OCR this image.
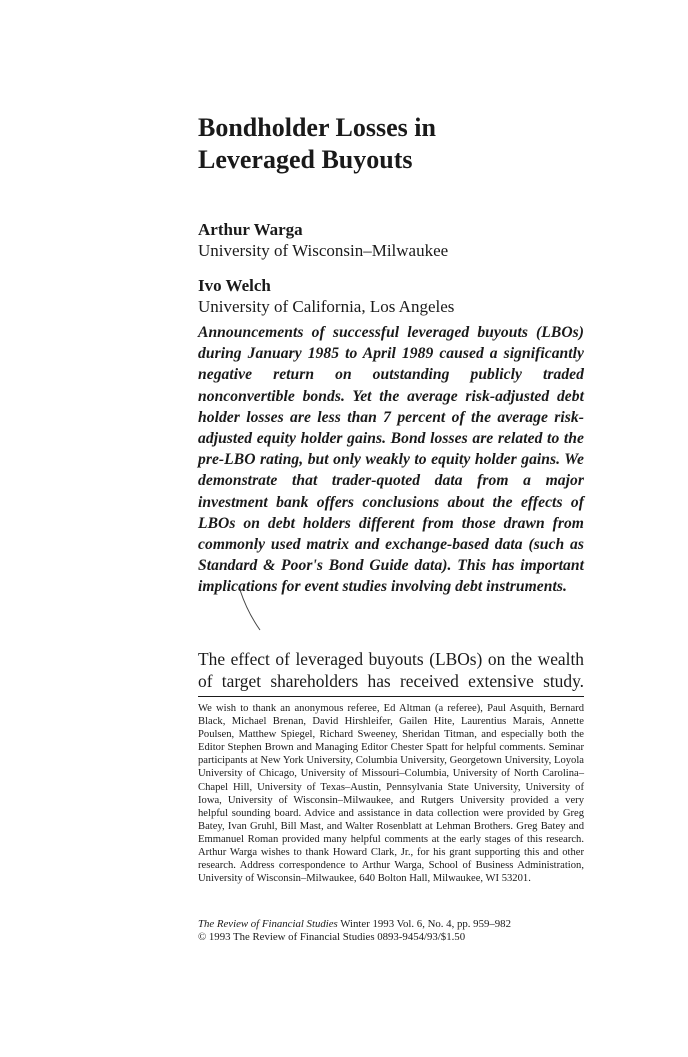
Bondholder Losses in
Leveraged Buyouts
Arthur Warga
University of Wisconsin–Milwaukee
Ivo Welch
University of California, Los Angeles

Announcements of successful leveraged buyouts (LBOs) during January 1985 to April 1989 caused a significantly negative return on outstanding publicly traded nonconvertible bonds. Yet the average risk-adjusted debt holder losses are less than 7 percent of the average risk-adjusted equity holder gains. Bond losses are related to the pre-LBO rating, but only weakly to equity holder gains. We demonstrate that trader-quoted data from a major investment bank offers conclusions about the effects of LBOs on debt holders different from those drawn from commonly used matrix and exchange-based data (such as Standard & Poor's Bond Guide data). This has important implications for event studies involving debt instruments.

The effect of leveraged buyouts (LBOs) on the wealth
of target shareholders has received extensive study.

We wish to thank an anonymous referee, Ed Altman (a referee), Paul Asquith, Bernard Black, Michael Brenan, David Hirshleifer, Gailen Hite, Laurentius Marais, Annette Poulsen, Matthew Spiegel, Richard Sweeney, Sheridan Titman, and especially both the Editor Stephen Brown and Managing Editor Chester Spatt for helpful comments. Seminar participants at New York University, Columbia University, Georgetown University, Loyola University of Chicago, University of Missouri–Columbia, University of North Carolina–Chapel Hill, University of Texas–Austin, Pennsylvania State University, University of Iowa, University of Wisconsin–Milwaukee, and Rutgers University provided a very helpful sounding board. Advice and assistance in data collection were provided by Greg Batey, Ivan Gruhl, Bill Mast, and Walter Rosenblatt at Lehman Brothers. Greg Batey and Emmanuel Roman provided many helpful comments at the early stages of this research. Arthur Warga wishes to thank Howard Clark, Jr., for his grant supporting this and other research. Address correspondence to Arthur Warga, School of Business Administration, University of Wisconsin–Milwaukee, 640 Bolton Hall, Milwaukee, WI 53201.

The Review of Financial Studies Winter 1993 Vol. 6, No. 4, pp. 959–982
© 1993 The Review of Financial Studies 0893-9454/93/$1.50
